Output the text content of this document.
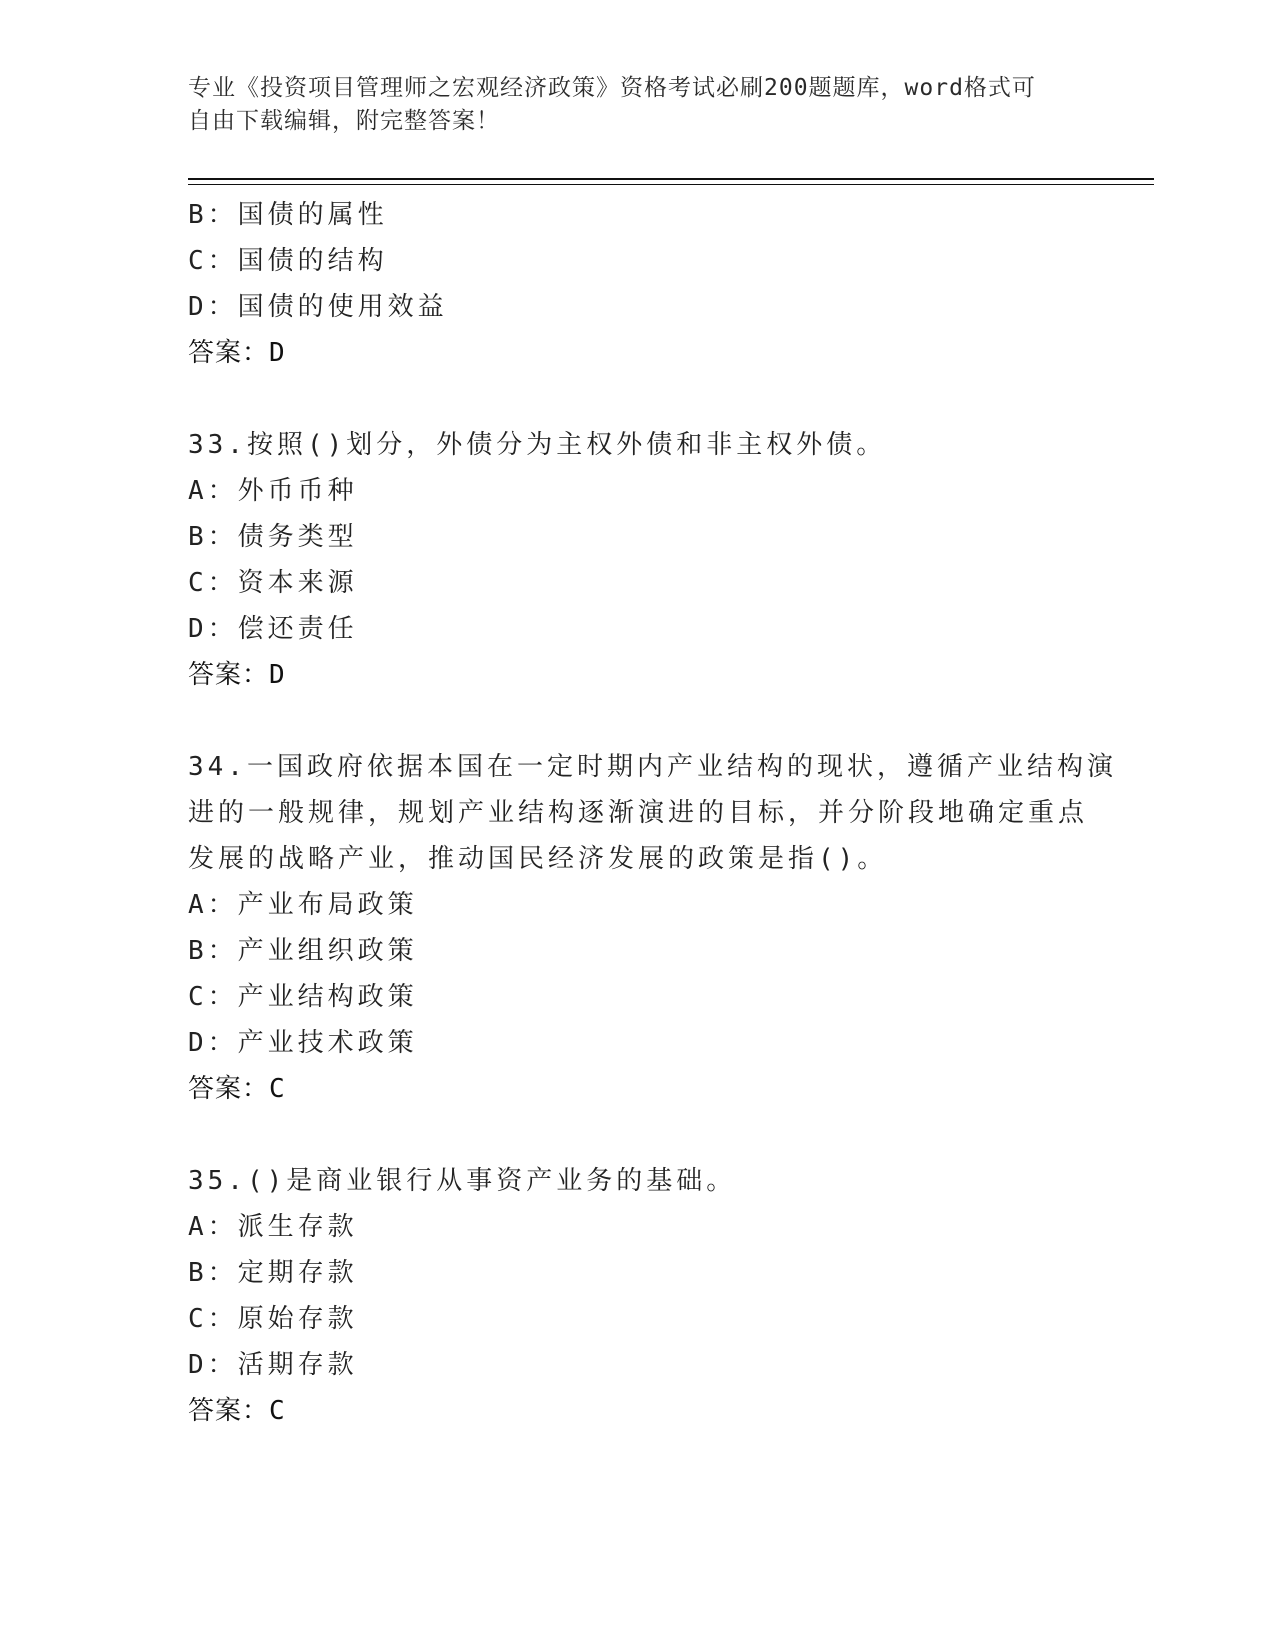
专业《投资项目管理师之宏观经济政策》资格考试必刷200题题库，word格式可
自由下载编辑，附完整答案！
B：国债的属性
C：国债的结构
D：国债的使用效益
答案：D
33.按照()划分，外债分为主权外债和非主权外债。
A：外币币种
B：债务类型
C：资本来源
D：偿还责任
答案：D
34.一国政府依据本国在一定时期内产业结构的现状，遵循产业结构演
进的一般规律，规划产业结构逐渐演进的目标，并分阶段地确定重点
发展的战略产业，推动国民经济发展的政策是指()。
A：产业布局政策
B：产业组织政策
C：产业结构政策
D：产业技术政策
答案：C
35.()是商业银行从事资产业务的基础。
A：派生存款
B：定期存款
C：原始存款
D：活期存款
答案：C
